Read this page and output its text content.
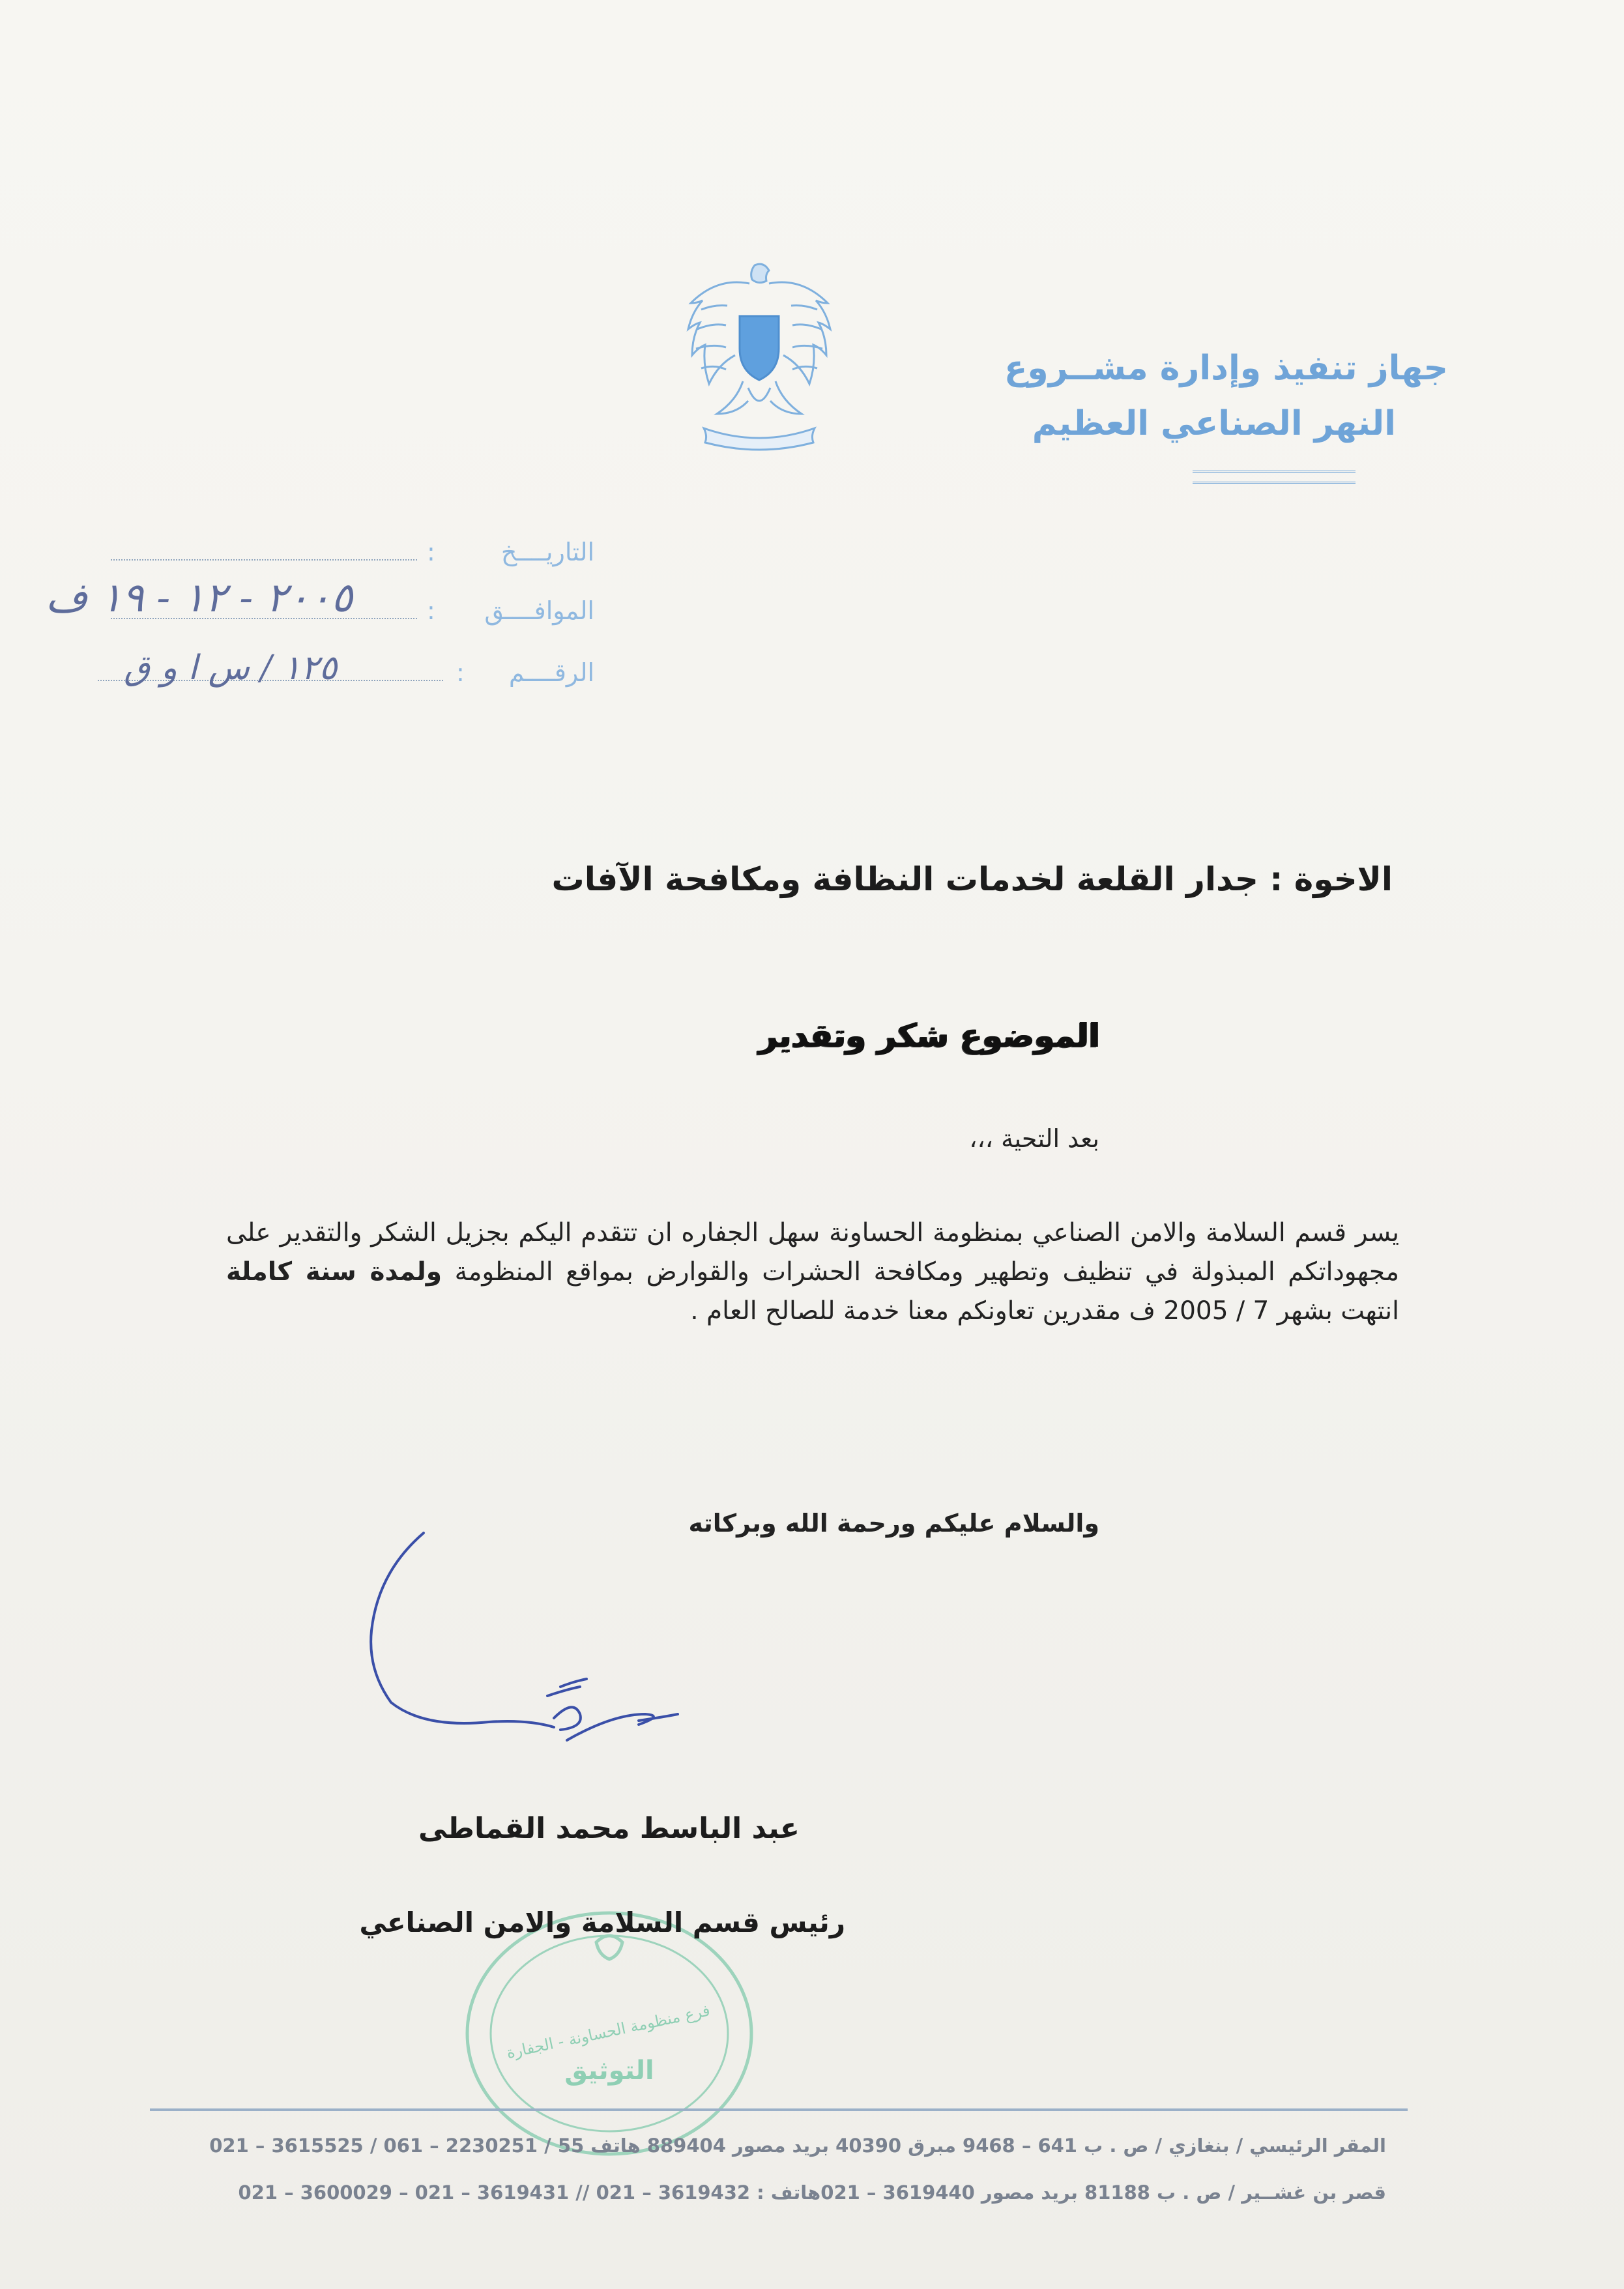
جهاز تنفيذ وإدارة مشــروع
النهر الصناعي العظيم
التاريــــخ
:
الموافــــق
:
٢٠٠٥ - ١٢ - ١٩ ف
الرقــــم
:
١٢٥ / س ا و ق
الاخوة : جدار القلعة لخدمات النظافة ومكافحة الآفات
الموضوع شكر وتقدير
بعد التحية ،،،
يسر قسم السلامة والامن الصناعي بمنظومة الحساونة سهل الجفاره ان تتقدم اليكم بجزيل الشكر والتقدير على مجهوداتكم المبذولة في تنظيف وتطهير ومكافحة الحشرات والقوارض بمواقع المنظومة ولمدة سنة كاملة انتهت بشهر 7 / 2005 ف مقدرين تعاونكم معنا خدمة للصالح العام .
والسلام عليكم ورحمة الله وبركاته
عبد الباسط محمد القماطى
التوثيق
فرع منظومة الحساونة - الجفارة
رئيس قسم السلامة والامن الصناعي
المقر الرئيسي / بنغازي / ص . ب 641 – 9468 مبرق 40390 بريد مصور 889404 هاتف 55 / 2230251 – 061 / 3615525 – 021
قصر بن غشــير / ص . ب 81188 بريد مصور 3619440 – 021هاتف : 3619432 – 021 // 3619431 – 021 – 3600029 – 021
